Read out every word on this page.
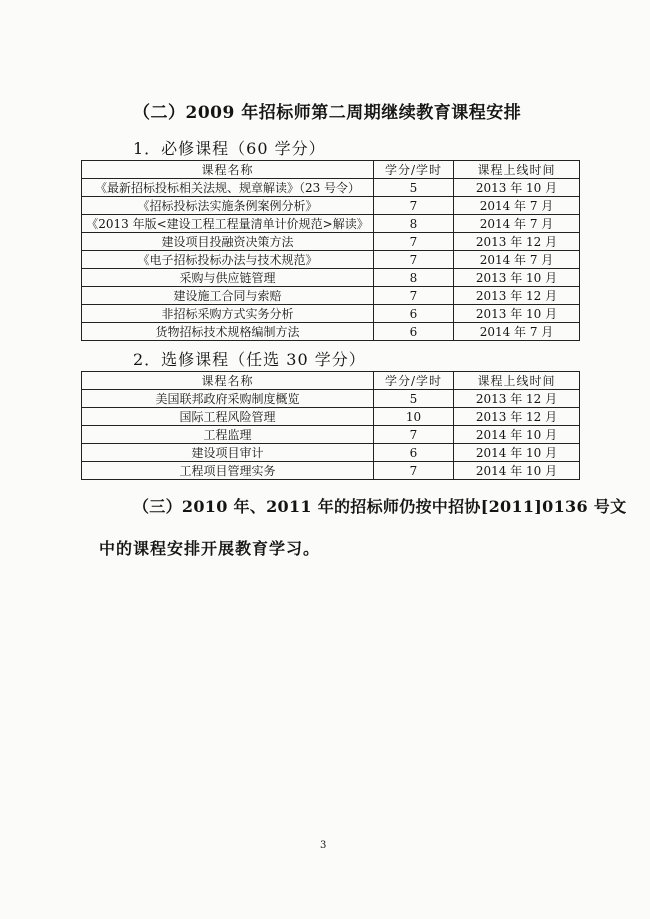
（二）2009 年招标师第二周期继续教育课程安排
1．必修课程（60 学分）
课程名称	学分/学时	课程上线时间
《最新招标投标相关法规、规章解读》（23 号令）	5	2013 年 10 月
《招标投标法实施条例案例分析》	7	2014 年 7 月
《2013 年版<建设工程工程量清单计价规范>解读》	8	2014 年 7 月
建设项目投融资决策方法	7	2013 年 12 月
《电子招标投标办法与技术规范》	7	2014 年 7 月
采购与供应链管理	8	2013 年 10 月
建设施工合同与索赔	7	2013 年 12 月
非招标采购方式实务分析	6	2013 年 10 月
货物招标技术规格编制方法	6	2014 年 7 月
2．选修课程（任选 30 学分）
课程名称	学分/学时	课程上线时间
美国联邦政府采购制度概览	5	2013 年 12 月
国际工程风险管理	10	2013 年 12 月
工程监理	7	2014 年 10 月
建设项目审计	6	2014 年 10 月
工程项目管理实务	7	2014 年 10 月
（三）2010 年、2011 年的招标师仍按中招协[2011]0136 号文
中的课程安排开展教育学习。
3
